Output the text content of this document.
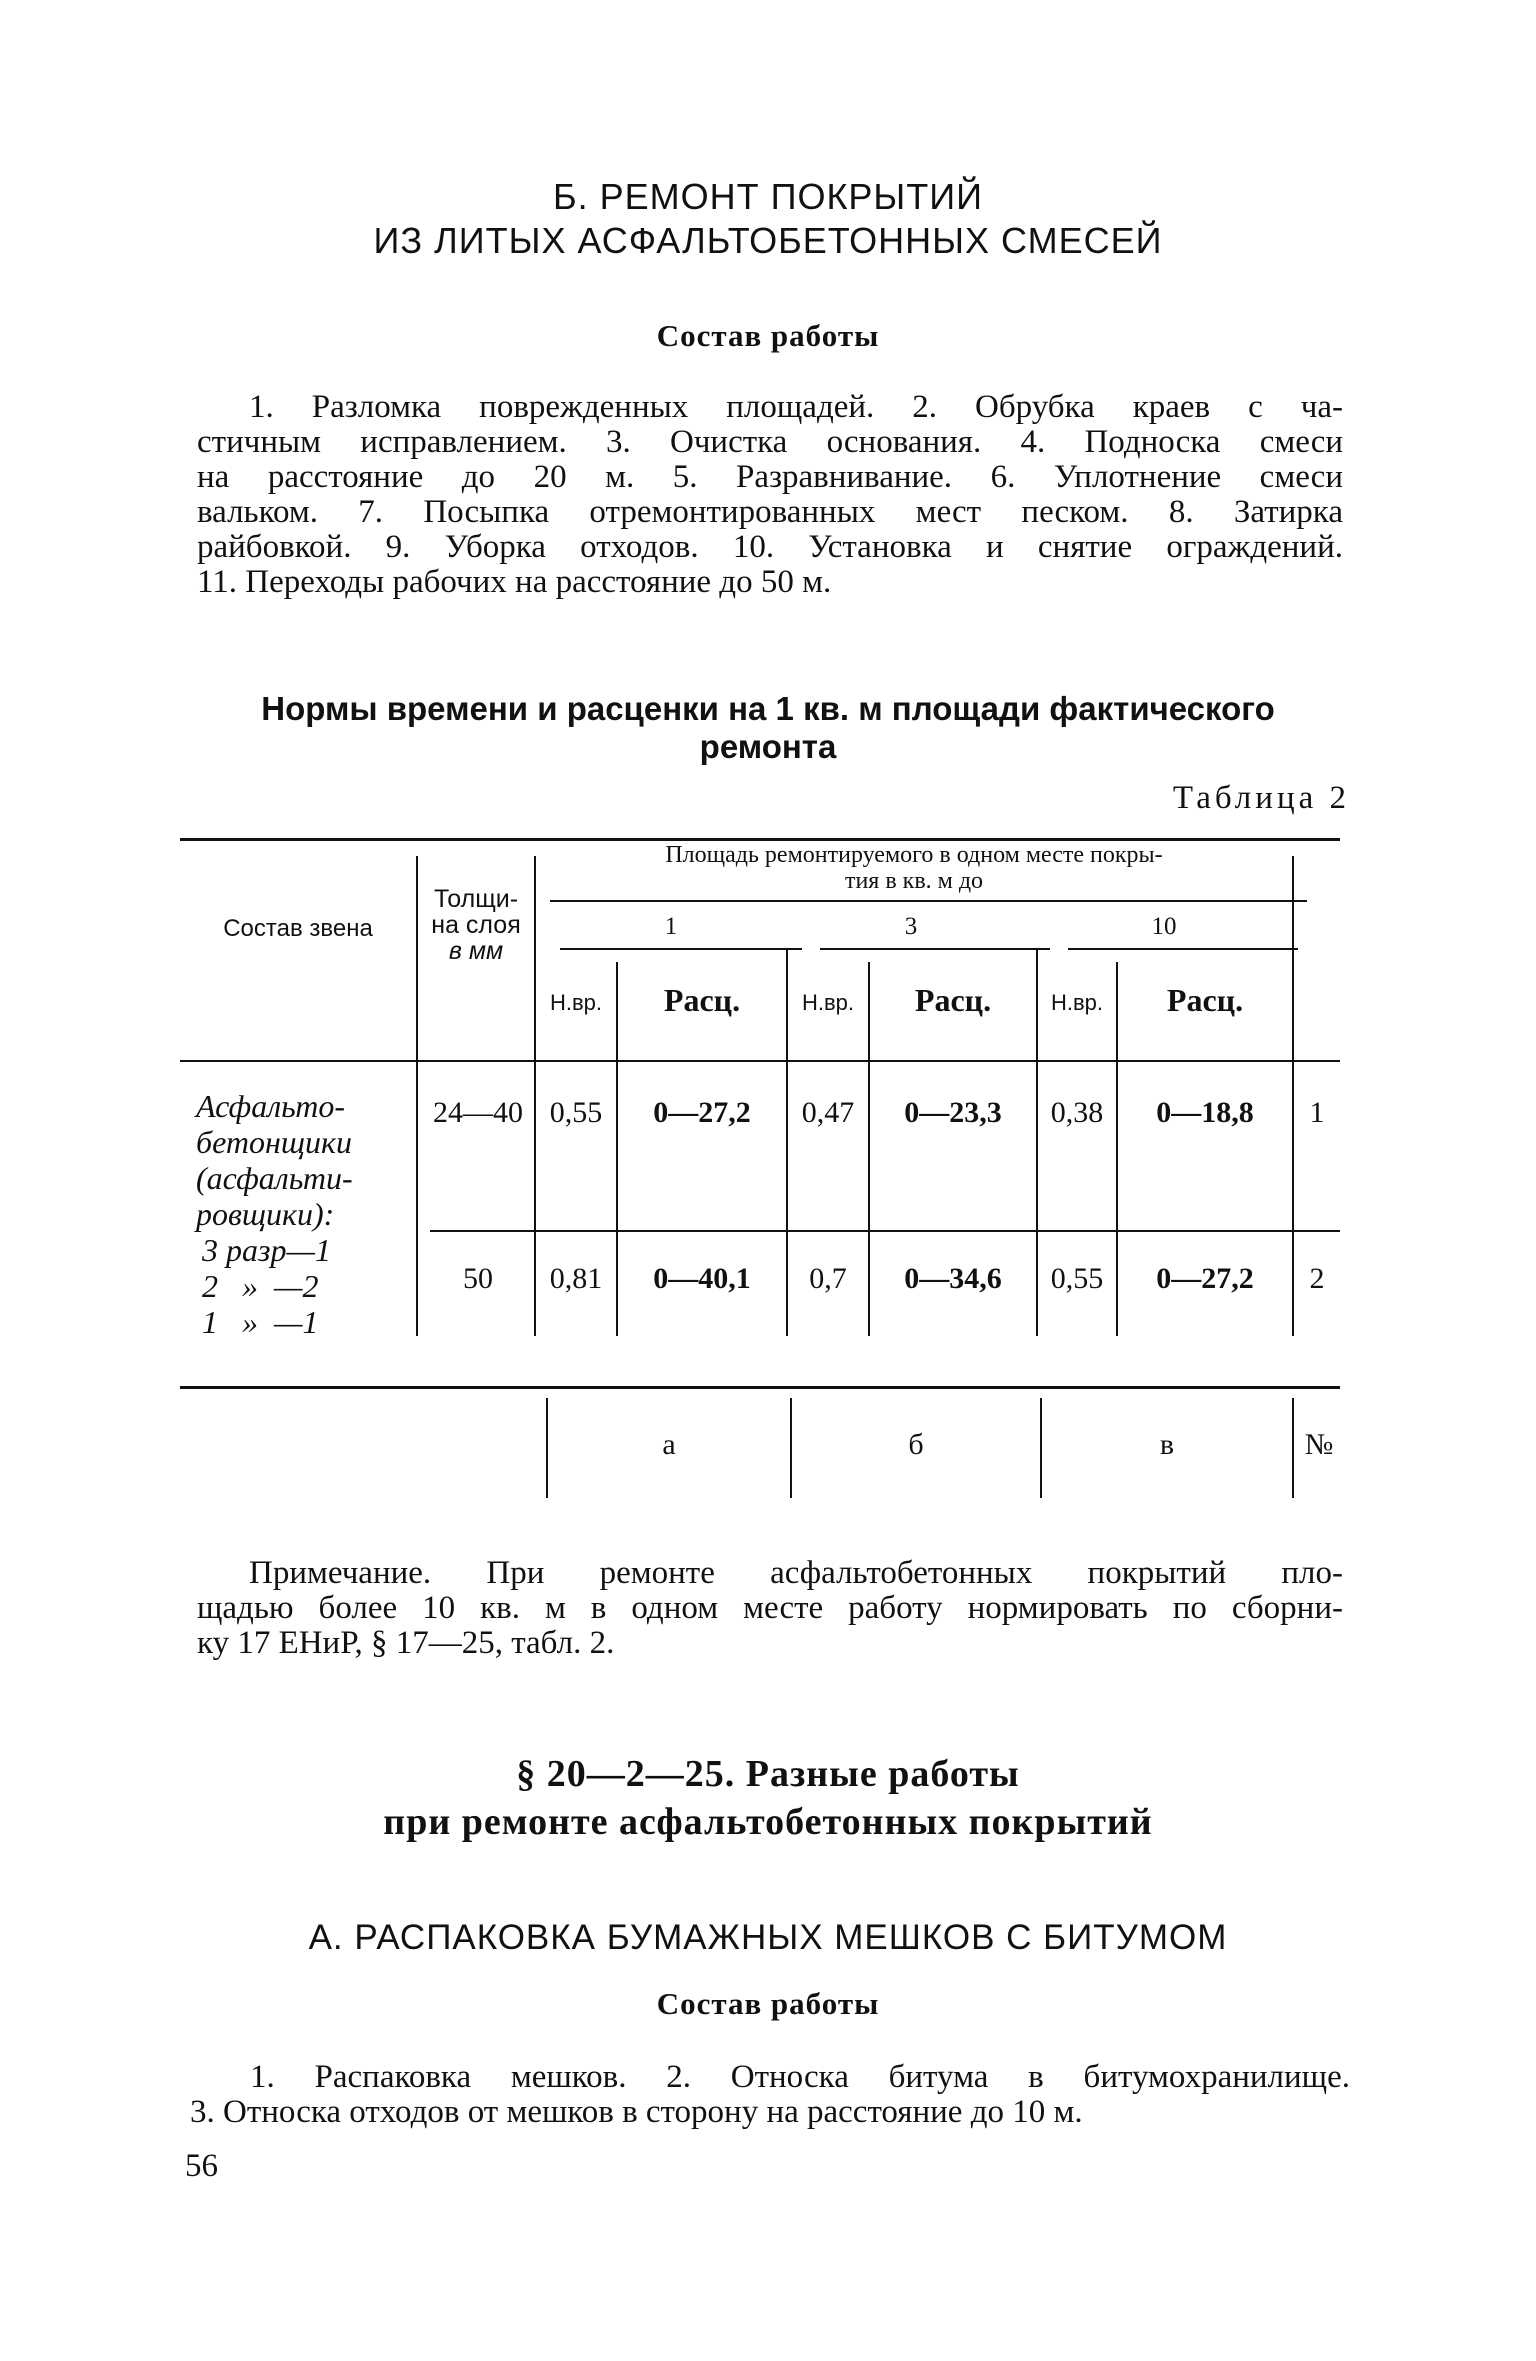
Б. РЕМОНТ ПОКРЫТИЙ
ИЗ ЛИТЫХ АСФАЛЬТОБЕТОННЫХ СМЕСЕЙ
Состав работы
1. Разломка поврежденных площадей. 2. Обрубка краев с ча-
стичным исправлением. 3. Очистка основания. 4. Подноска смеси
на расстояние до 20 м. 5. Разравнивание. 6. Уплотнение смеси
вальком. 7. Посыпка отремонтированных мест песком. 8. Затирка
райбовкой. 9. Уборка отходов. 10. Установка и снятие ограждений.
11. Переходы рабочих на расстояние до 50 м.
Нормы времени и расценки на 1 кв. м площади фактического
ремонта
Таблица 2
Состав звена
Толщи-
на слоя
в мм
Площадь ремонтируемого в одном месте покры-
тия в кв. м до
1	3	10
Н.вр.	Расц.	Н.вр.	Расц.	Н.вр.	Расц.
Асфальто-
бетонщики
(асфальти-
ровщики):
3 разр—1
2   »  —2
1   »  —1
24—40 0,55	0—27,2	0,47	0—23,3	0,38	0—18,8	1
50	0,81	0—40,1	0,7	0—34,6	0,55	0—27,2	2
а	б	в	№
Примечание. При ремонте асфальтобетонных покрытий пло-
щадью более 10 кв. м в одном месте работу нормировать по сборни-
ку 17 ЕНиР, § 17—25, табл. 2.
§ 20—2—25. Разные работы
при ремонте асфальтобетонных покрытий
А. РАСПАКОВКА БУМАЖНЫХ МЕШКОВ С БИТУМОМ
Состав работы
1. Распаковка мешков. 2. Относка битума в битумохранилище.
3. Относка отходов от мешков в сторону на расстояние до 10 м.
56
